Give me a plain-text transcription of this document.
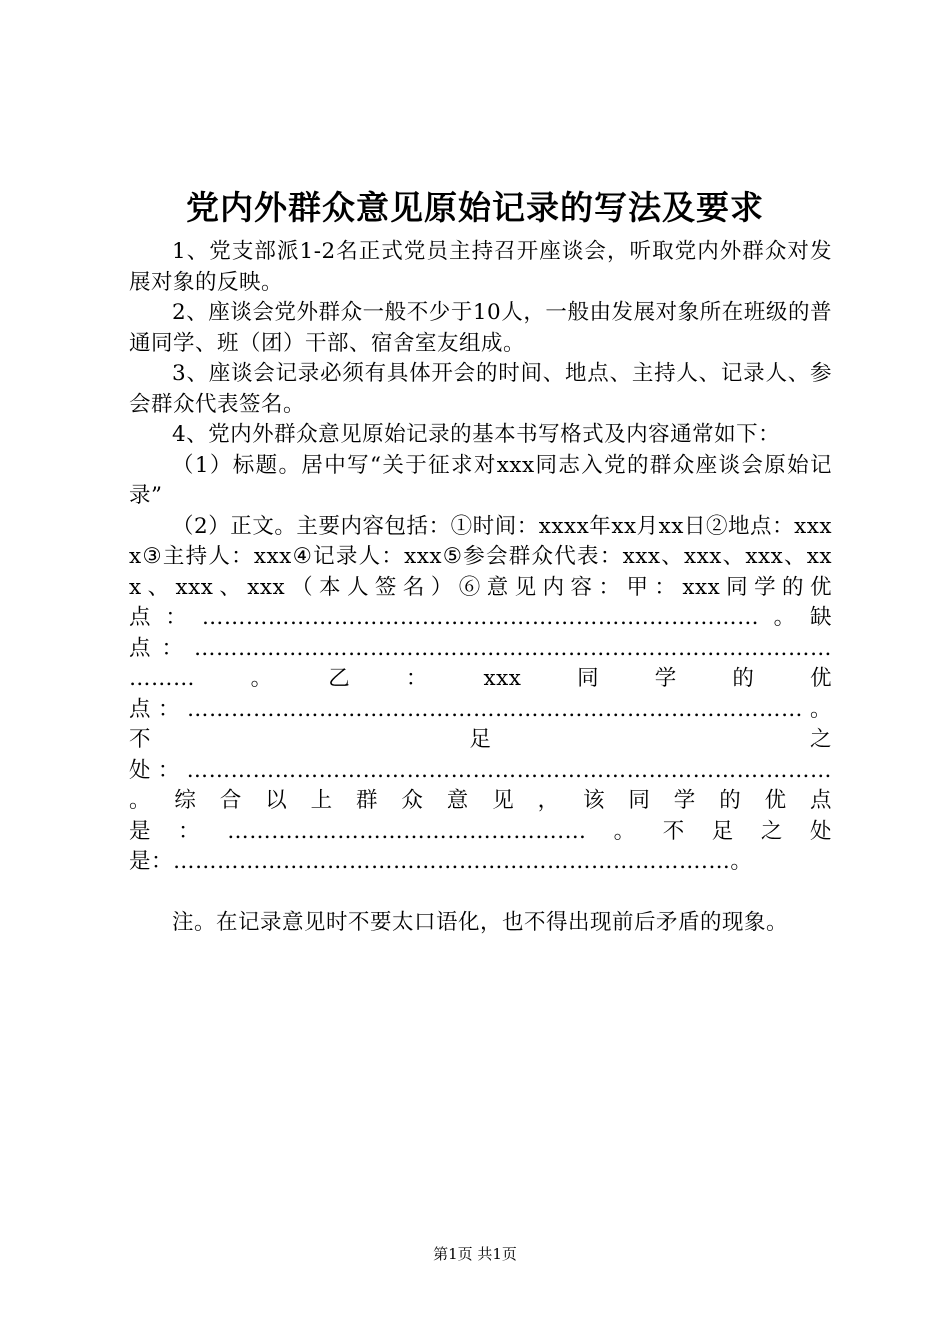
党内外群众意见原始记录的写法及要求

1、党支部派1-2名正式党员主持召开座谈会，听取党内外群众对发展对象的反映。

2、座谈会党外群众一般不少于10人，一般由发展对象所在班级的普通同学、班（团）干部、宿舍室友组成。

3、座谈会记录必须有具体开会的时间、地点、主持人、记录人、参会群众代表签名。

4、党内外群众意见原始记录的基本书写格式及内容通常如下：

（1）标题。居中写“关于征求对xxx同志入党的群众座谈会原始记录”

（2）正文。主要内容包括：①时间：xxxx年xx月xx日②地点：xxxx③主持人：xxx④记录人：xxx⑤参会群众代表：xxx、xxx、xxx、xxx、xxx、xxx（本人签名）⑥意见内容：甲：xxx同学的优点：…………………………………………………….……………。缺点：……………………………………………………………………………………。乙：xxx同学的优点：…………………………………………………………………………。不足之处：…………………………………………………………………….………。综合以上群众意见，该同学的优点是：……………………………………….…。不足之处是：……………………………………………………………….…。

注。在记录意见时不要太口语化，也不得出现前后矛盾的现象。

第1页 共1页
